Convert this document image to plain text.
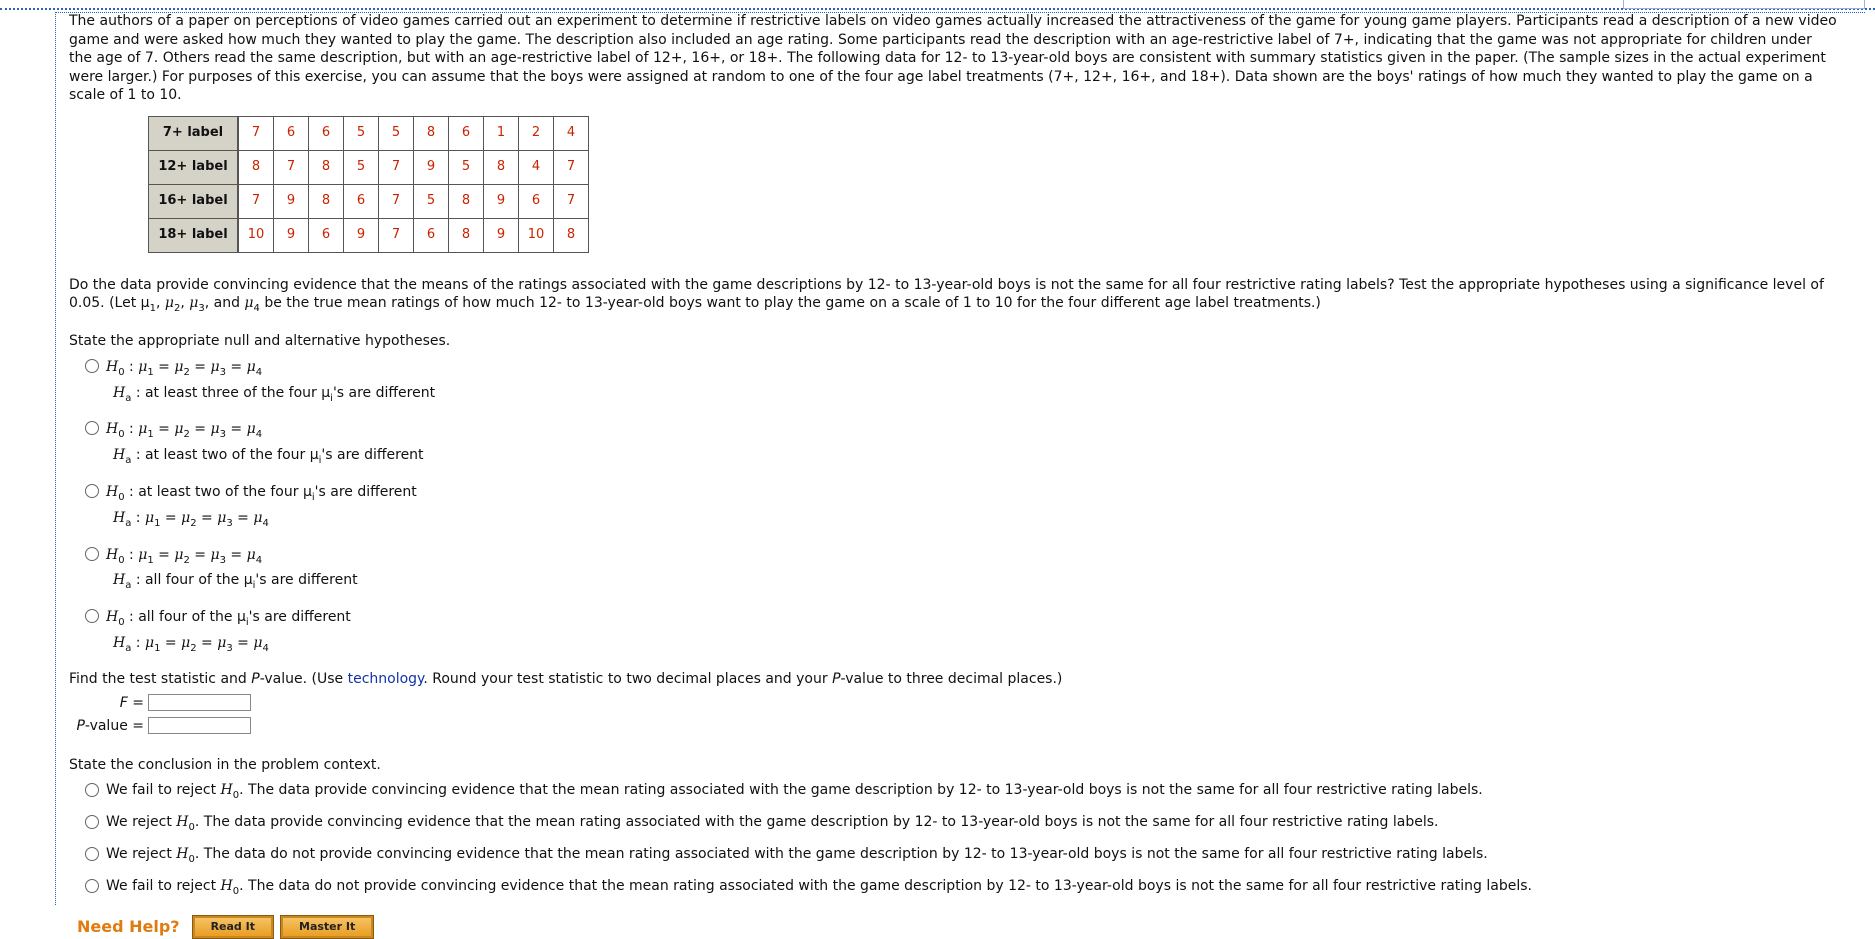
The authors of a paper on perceptions of video games carried out an experiment to determine if restrictive labels on video games actually increased the attractiveness of the game for young game players. Participants read a description of a new video game and were asked how much they wanted to play the game. The description also included an age rating. Some participants read the description with an age-restrictive label of 7+, indicating that the game was not appropriate for children under the age of 7. Others read the same description, but with an age-restrictive label of 12+, 16+, or 18+. The following data for 12- to 13-year-old boys are consistent with summary statistics given in the paper. (The sample sizes in the actual experiment were larger.) For purposes of this exercise, you can assume that the boys were assigned at random to one of the four age label treatments (7+, 12+, 16+, and 18+). Data shown are the boys' ratings of how much they wanted to play the game on a scale of 1 to 10.

7+ label	7	6	6	5	5	8	6	1	2	4
12+ label	8	7	8	5	7	9	5	8	4	7
16+ label	7	9	8	6	7	5	8	9	6	7
18+ label	10	9	6	9	7	6	8	9	10	8

Do the data provide convincing evidence that the means of the ratings associated with the game descriptions by 12- to 13-year-old boys is not the same for all four restrictive rating labels? Test the appropriate hypotheses using a significance level of 0.05. (Let $\mu_1$, $\mu_2$, $\mu_3$, and $\mu_4$ be the true mean ratings of how much 12- to 13-year-old boys want to play the game on a scale of 1 to 10 for the four different age label treatments.)

State the appropriate null and alternative hypotheses.

$H_0$ : $\mu_1 = \mu_2 = \mu_3 = \mu_4$
$H_a$ : at least three of the four $\mu_i's$ are different
$H_0$ : $\mu_1 = \mu_2 = \mu_3 = \mu_4$
$H_a$ : at least two of the four $\mu_i's$ are different
$H_0$ : at least two of the four $\mu_i's$ are different
$H_a$ : $\mu_1 = \mu_2 = \mu_3 = \mu_4$
$H_0$ : $\mu_1 = \mu_2 = \mu_3 = \mu_4$
$H_a$ : all four of the $\mu_i's$ are different
$H_0$ : all four of the $\mu_i's$ are different
$H_a$ : $\mu_1 = \mu_2 = \mu_3 = \mu_4$

Find the test statistic and P-value. (Use technology. Round your test statistic to two decimal places and your P-value to three decimal places.)

F =
P-value =

State the conclusion in the problem context.

We fail to reject $H_0$. The data provide convincing evidence that the mean rating associated with the game description by 12- to 13-year-old boys is not the same for all four restrictive rating labels.
We reject $H_0$. The data provide convincing evidence that the mean rating associated with the game description by 12- to 13-year-old boys is not the same for all four restrictive rating labels.
We reject $H_0$. The data do not provide convincing evidence that the mean rating associated with the game description by 12- to 13-year-old boys is not the same for all four restrictive rating labels.
We fail to reject $H_0$. The data do not provide convincing evidence that the mean rating associated with the game description by 12- to 13-year-old boys is not the same for all four restrictive rating labels.
Need Help?	Read It	Master It
